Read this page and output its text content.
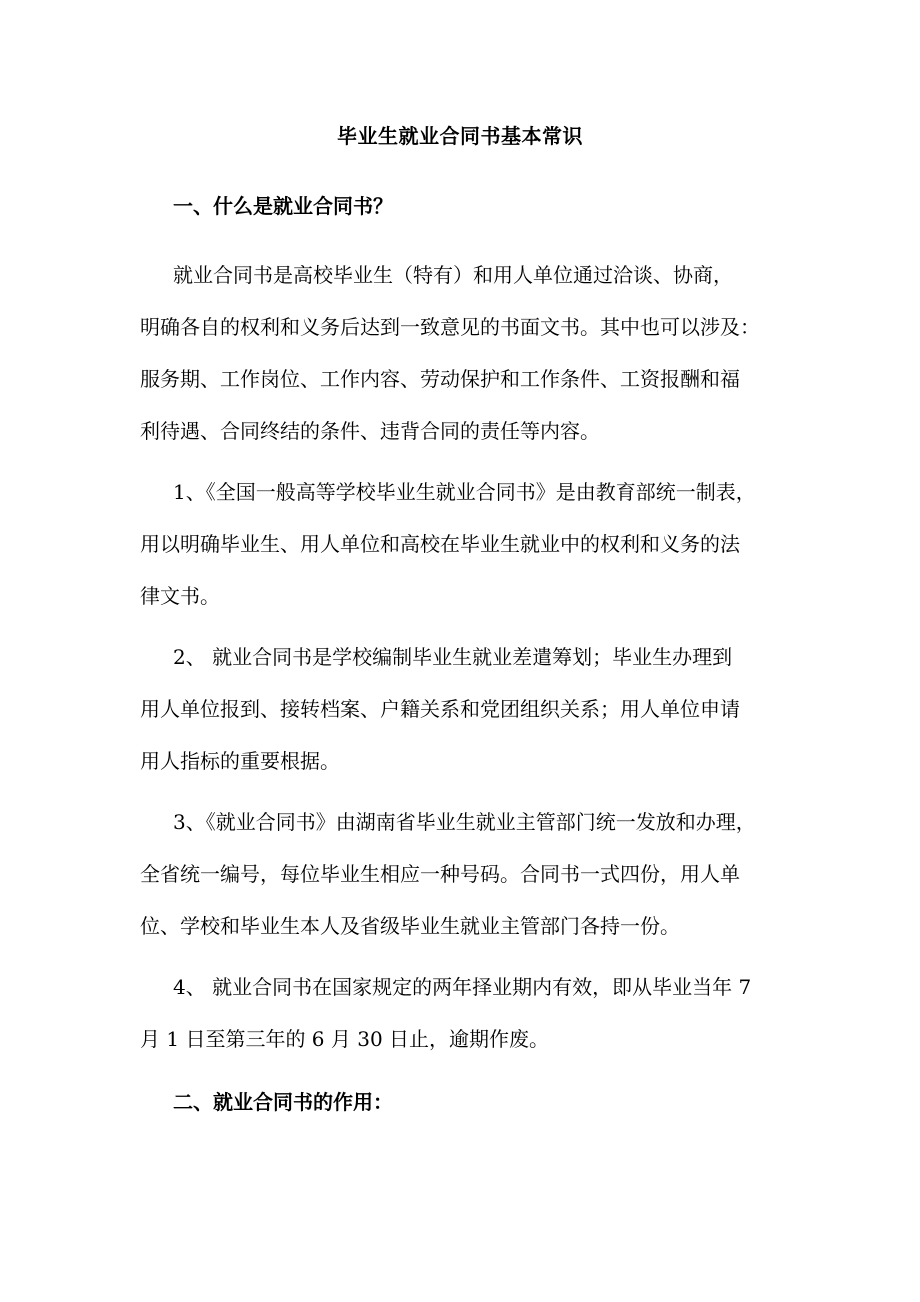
毕业生就业合同书基本常识
一、什么是就业合同书？
就业合同书是高校毕业生（特有）和用人单位通过洽谈、协商，
明确各自的权利和义务后达到一致意见的书面文书。其中也可以涉及：
服务期、工作岗位、工作内容、劳动保护和工作条件、工资报酬和福
利待遇、合同终结的条件、违背合同的责任等内容。
1、《全国一般高等学校毕业生就业合同书》是由教育部统一制表，
用以明确毕业生、用人单位和高校在毕业生就业中的权利和义务的法
律文书。
2、 就业合同书是学校编制毕业生就业差遣筹划；毕业生办理到
用人单位报到、接转档案、户籍关系和党团组织关系；用人单位申请
用人指标的重要根据。
3、《就业合同书》由湖南省毕业生就业主管部门统一发放和办理，
全省统一编号，每位毕业生相应一种号码。合同书一式四份，用人单
位、学校和毕业生本人及省级毕业生就业主管部门各持一份。
4、 就业合同书在国家规定的两年择业期内有效，即从毕业当年 7
月 1 日至第三年的 6 月 30 日止，逾期作废。
二、就业合同书的作用：
